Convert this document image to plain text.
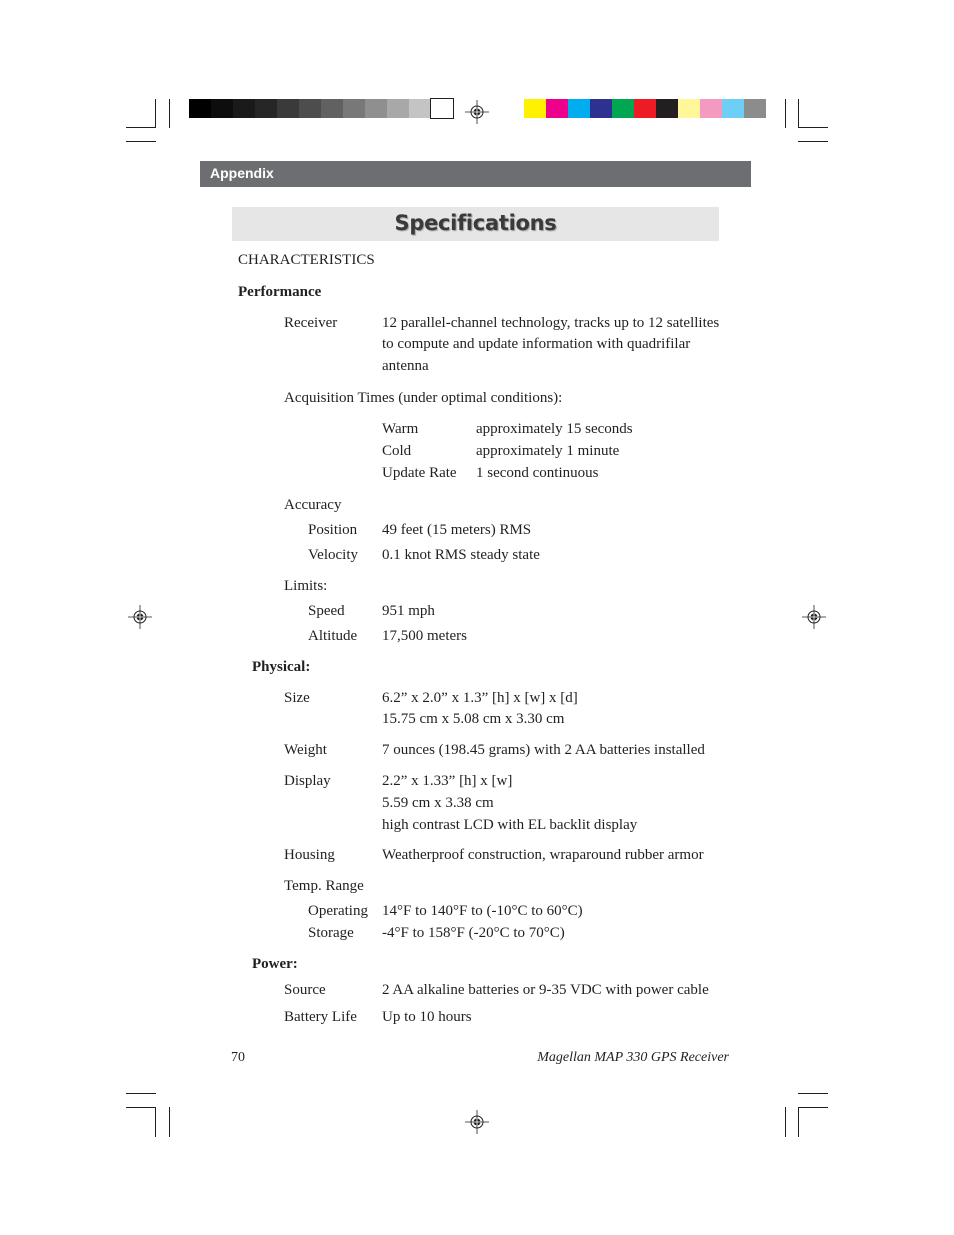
Appendix
Specifications
CHARACTERISTICS
Performance
Receiver	12 parallel-channel technology, tracks up to 12 satellites
to compute and update information with quadrifilar
antenna
Acquisition Times (under optimal conditions):
Warm	approximately 15 seconds
Cold	approximately 1 minute
Update Rate 1 second continuous
Accuracy
Position 49 feet (15 meters) RMS
Velocity 0.1 knot RMS steady state
Limits:
Speed 951 mph
Altitude 17,500 meters
Physical:
Size	6.2” x 2.0” x 1.3” [h] x [w] x [d]
15.75 cm x 5.08 cm x 3.30 cm
Weight	7 ounces (198.45 grams) with 2 AA batteries installed
Display	2.2” x 1.33” [h] x [w]
5.59 cm x 3.38 cm
high contrast LCD with EL backlit display
Housing	Weatherproof construction, wraparound rubber armor
Temp. Range
Operating 14°F to 140°F to (-10°C to 60°C)
Storage -4°F to 158°F (-20°C to 70°C)
Power:
Source	2 AA alkaline batteries or 9-35 VDC with power cable
Battery Life Up to 10 hours
70	Magellan MAP 330 GPS Receiver
